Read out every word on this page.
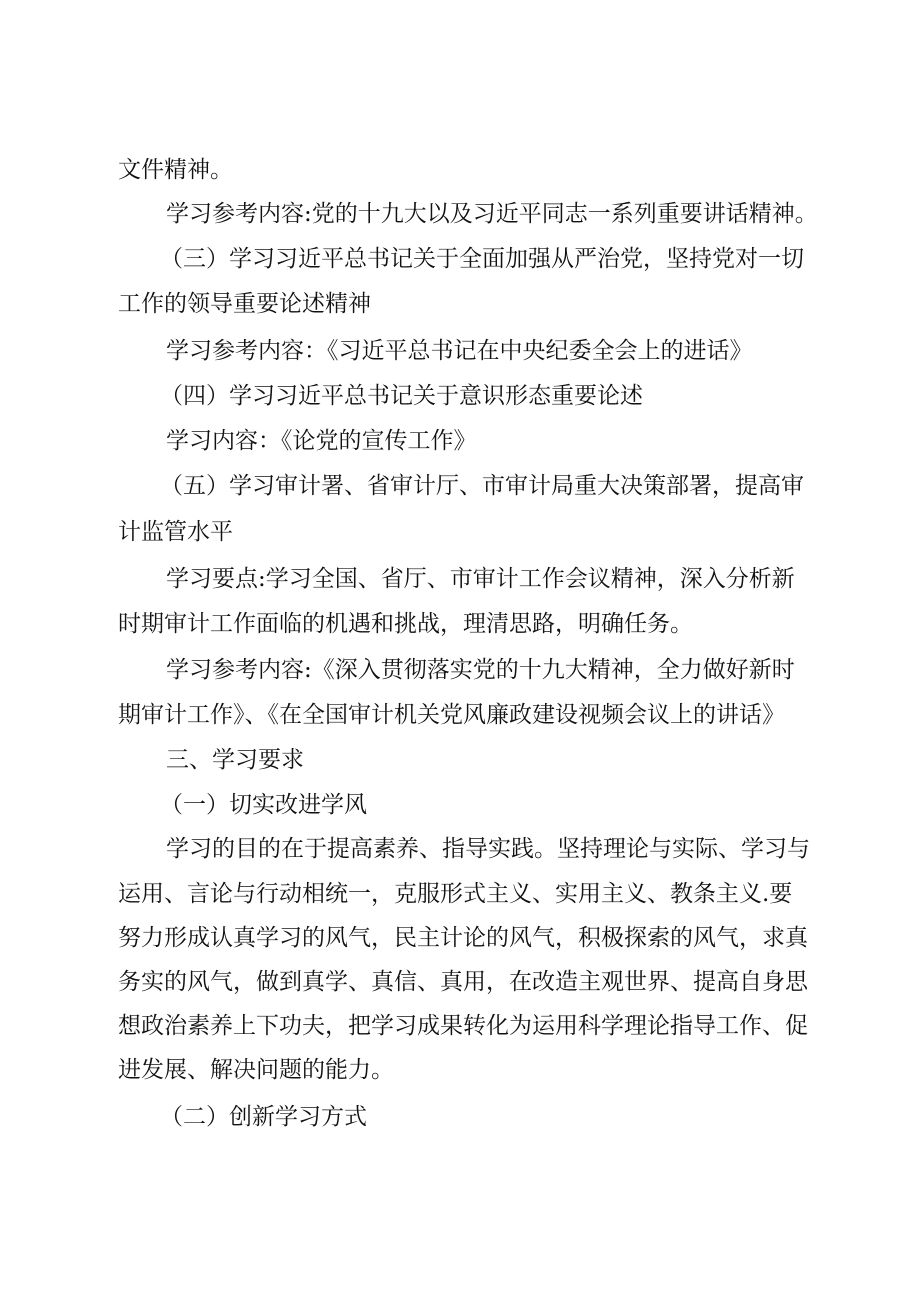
文件精神。
学习参考内容:党的十九大以及习近平同志一系列重要讲话精神。
（三）学习习近平总书记关于全面加强从严治党，坚持党对一切
工作的领导重要论述精神
学习参考内容：《习近平总书记在中央纪委全会上的进话》
（四）学习习近平总书记关于意识形态重要论述
学习内容：《论党的宣传工作》
（五）学习审计署、省审计厅、市审计局重大决策部署，提高审
计监管水平
学习要点:学习全国、省厅、市审计工作会议精神，深入分析新
时期审计工作面临的机遇和挑战，理清思路，明确任务。
学习参考内容:《深入贯彻落实党的十九大精神，全力做好新时
期审计工作》、《在全国审计机关党风廉政建设视频会议上的讲话》
三、学习要求
（一）切实改进学风
学习的目的在于提高素养、指导实践。坚持理论与实际、学习与
运用、言论与行动相统一，克服形式主义、实用主义、教条主义.要
努力形成认真学习的风气，民主计论的风气，积极探索的风气，求真
务实的风气，做到真学、真信、真用，在改造主观世界、提高自身思
想政治素养上下功夫，把学习成果转化为运用科学理论指导工作、促
进发展、解决问题的能力。
（二）创新学习方式
